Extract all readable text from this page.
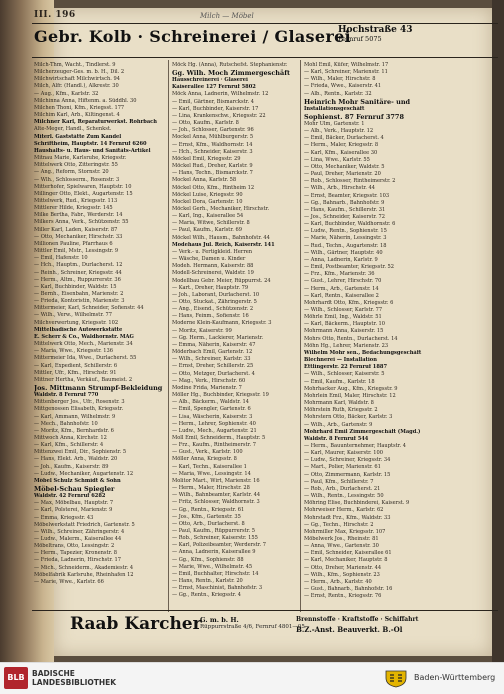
III. 196	Milch — Möbel
Gebr. Kolb · Schreinerei / Glaserei
Hochstraße 43
Fernruf 5075

Milch-Thm, Wacht., Tindlerst. 9

Milcherzeuger-Ges. m. b. H., Dil. 2

Milchwirtschaft Milchwirtsch. 94

Milch, Alfr. (Handl.), Alkrestr. 30

— Aug., Kfm., Karlstr. 32

Milchinna Anna, Hiftenm. a. Süddhl. 30

Milchen Thoni, Kfm., Kriegsst. 177

Milchim Karl, Arb., Kiltingenst. 4

Milchner Karl, Reparaturwerkst. Rohrbach

Alte-Meger, Handl., Schenkst.

Miterl. Gaststätte Zum Kandel

Schriftheim, Hauptstr. 14 Fernruf 6260

Haushalts- u. Haus- und Sanitäts-Artikel

Mitnau Marie, Karlsruhe, Kriegsstr.

Mittelwerk Otto, Zitteringstr. 55

— Ang., Reform, Stornstr. 20

— Wlh., Schlosserm., Rosenstr. 3

Mitterhofer, Spielwaren, Hauptstr. 10

Millinger Otto, Elekt., Augartenstr. 15

Mittelwerk, Rud., Kriegsstr. 113

Mittlerer Hilde, Kriegsstr. 145

Milke Bertha, Fabr., Werderstr. 14

Milkers Anna, Verk., Schützenstr. 55

Miller Karl, Laden, Kaiserstr. 87

— Otto, Mechaniker, Hirschstr. 33

Millionen Pauline, Pfarrhaus 6

Mittler Emil, Mstr., Lessingstr. 9

— Emil, Hafenstr. 10

— Hch., Hauptm., Durlacherst. 12

— Reinh., Schreiner, Kriegsstr. 44

— Herm., Altm., Ruppurrerstr. 36

— Karl, Buchbinder, Waldstr. 15

— Bernh., Eisenbahn, Marienstr. 2

— Frieda, Kontoristin, Marienstr. 3

Mittermeier, Karl, Schneider, Sofienstr. 44

— Wilh., Verw., Wilhelmstr. 77

Milchverwertung, Kriegsstr. 102

Mittelbadische Autowerkstätte

E. Scherr & Co., Waldhornstr. MAG

Mittelwerk Otto, Mech., Marienstr. 34

— Maria, Wwe., Kriegsstr. 136

Mittermeier Ida, Wwe., Durlacherst. 55

— Karl, Expedient, Schillerstr. 6

Mittler, Ufr., Kfm., Hirschstr. 91

Mittner Hertha, Verkäuf., Baumeist. 2

Jos. Mittmann Strumpf-Bekleidung

Waldstr. 8 Fernruf 770

Mittenberger Jos., Ufr., Rosenstr. 3

Mittgenossen Elisabeth, Kriegsstr.

— Karl, Ammann, Wilhelmstr. 9

— Mech., Bahnhofstr. 10

— Moritz, Kfm., Bernhardstr. 6

Mittwoch Anna, Kirchstr. 12

— Karl, Kfm., Schillerstr. 4

Mittenzwei Emil, Dir., Sophienstr. 5

— Hans, Elekt. Arb., Waldstr. 20

— Joh., Kaufm., Kaiserstr. 89

— Ludw., Mechaniker, Augartenstr. 12

Möbel Schulz Schmidt & Sohn

Möbel-Schau Spiegler

Waldstr. 42 Fernruf 6282

— Max, Möbelbau, Hauptstr. 7

— Karl, Polsterei, Marienstr. 9

— Emma, Kriegsstr. 43

Möbelwerkstatt Friedrich, Gartenstr. 5

— Wilh., Schreiner, Zähringerstr. 4

— Ludw., Malerm., Kaiserallee 44

Möbeltrans, Otto, Lessingstr. 2

— Herm., Tapezier, Kronenstr. 8

— Frieda, Ladnerin, Hirschstr. 17

— Mich., Schneiderm., Akademiestr. 4

Möbelfabrik Karlsruhe, Rheinhafen 12

— Marie, Wwe., Karlstr. 66

Möck Hg. (Anna), Rutschefst. Stephanienstr.

Gg. Wilh. Moch Zimmergeschäft

Hausschreinerei · Glaserei

Kaiserallee 127 Fernruf 5802

Möck Anna, Ladnerin, Wilhelmstr. 12

— Emil, Gärtner, Bismarckstr. 4

— Karl, Buchbinder, Kaiserstr. 17

— Lina, Krankenschw., Kriegsstr. 22

— Otto, Kaufm., Karlstr. 8

— Joh., Schlosser, Gartenstr. 96

Mockel Anna, Mühlburgerstr. 5

— Ernst, Kfm., Waldhornstr. 14

— Hch., Schneider, Kaiserstr. 3

Möckel Emil, Kriegsstr. 29

Möckel Rud., Dreher, Karlstr. 9

— Hans, Techn., Bismarckstr. 7

Mockel Anna, Karlstr. 58

Möckel Otto, Kfm., Rintheim 12

Möckel Luise, Kriegsstr. 90

Mockel Dora, Gartenstr. 10

Möckel Gerh., Mechaniker, Hirschstr.

— Karl, Ing., Kaiserallee 54

— Maria, Witwe, Schillerstr. 8

— Paul, Kaufm., Karlstr. 69

Möckel Wilh., Hausm., Bahnhofstr. 44

Modehaus Jul. Reich, Kaiserstr. 141

— Verk.- u. Fertigkleid. Herren

— Wäsche, Damen u. Kinder

Modeh. Hermann, Kaiserstr. 88

Modell-Schreinerei, Waldstr. 19

Modellbau Gebr. Meier, Rüppurrst. 24

— Kart., Dreher, Hauptstr. 79

— Joh., Laborant, Durlacherst. 10

— Otto, Stuckat., Zähringerstr. 5

— Ang., Eisend., Schützenstr. 2

— Hans, Feinm., Sofienstr. 16

Moderne Klein-Kaufmann, Kriegsstr. 3

— Moritz, Kaiserstr. 99

— Gg. Herm., Lackierer, Marienstr.

— Emma, Näherin, Kaiserstr. 47

Möderbach Emil, Gartenstr. 12

— Wilh., Schreiner, Karlstr. 33

— Ernst, Dreher, Schillerstr. 25

— Otto, Metzger, Durlacherst. 4

— Mag., Verk., Hirschstr. 60

Modine Frida, Marienstr. 7

Möller Hg., Buchbinder, Kriegsstr. 19

— Alb., Bäckerm., Waldstr. 14

— Emil, Spengler, Gartenstr. 6

— Lisa, Wäscherin, Kaiserstr. 3

— Herm., Lehrer, Sophienstr. 40

— Ludw., Mech., Augartenstr. 21

Moll Emil, Schneiderm., Hauptstr. 5

— Frz., Kaufm., Rintheimerstr. 7

— Gust., Verk., Karlstr. 100

Möller Anna, Kriegsstr. 8

— Karl, Techn., Kaiserallee 1

— Maria, Wwe., Lessingstr. 14

Molitor Mart., Wirt, Marienstr. 16

— Herm., Maler, Hirschstr. 28

— Wilh., Bahnbeamter, Karlstr. 44

— Fritz, Schlosser, Waldhornstr. 3

— Gg., Rentn., Kriegsstr. 61

— Jos., Kfm., Gartenstr. 35

— Otto, Arb., Durlacherst. 8

— Paul, Kaufm., Rüppurrerstr. 5

— Rob., Schreiner, Kaiserstr. 155

— Karl, Polizeibeamter, Werderstr. 7

— Anna, Ladnerin, Kaiserallee 9

— Gg., Kfm., Sophienstr. 88

— Marie, Wwe., Wilhelmstr. 45

— Emil, Buchhalter, Hirschstr. 14

— Hans, Rentn., Karlstr. 20

— Ernst, Maschinist, Bahnhofstr. 3

— Gg., Rentn., Kriegsstr. 4

Mohl Emil, Küfer, Wilhelmstr. 17

— Karl, Schreiner, Marienstr. 11

— Wilh., Maler, Hirschstr. 8

— Frieda, Wwe., Kaiserstr. 41

— Alb., Rentn., Karlstr. 32

Heinrich Mohr Sanitäre- und

Installationsgeschäft

Sophienst. 87 Fernruf 3778

Mohr Ulm, Gartenstr. 1

— Alb., Verk., Hauptstr. 12

— Emil, Bäcker, Durlacherst. 4

— Herm., Maler, Kriegsstr. 8

— Karl, Kfm., Kaiserallee 30

— Lina, Wwe., Karlstr. 55

— Otto, Mechaniker, Waldstr. 5

— Paul, Dreher, Marienstr. 20

— Rob., Schlosser, Rintheimerstr. 2

— Wilh., Arb., Hirschstr. 44

— Ernst, Beamter, Kriegsstr. 103

— Gg., Bahnarb., Bahnhofstr. 9

— Hans, Kaufm., Schillerstr. 31

— Jos., Schneider, Kaiserstr. 72

— Karl, Buchbinder, Waldhornstr. 6

— Ludw., Rentn., Sophienstr. 15

— Marie, Näherin, Lessingstr. 3

— Rud., Techn., Augartenstr. 18

— Wilh., Gärtner, Hauptstr. 40

— Anna, Ladnerin, Karlstr. 9

— Emil, Postbeamter, Kriegsstr. 52

— Frz., Kfm., Marienstr. 36

— Gust., Lehrer, Hirschstr. 70

— Herm., Arb., Gartenstr. 14

— Karl, Rentn., Kaiserallee 2

Mohrhardt Otto, Kfm., Kriegsstr. 6

— Wilh., Schlosser, Karlstr. 77

Möhrle Emil, Ing., Waldstr. 51

— Karl, Bäckerm., Hauptstr. 10

Mohrmann Anna, Kaiserstr. 15

Mohrs Otto, Rentn., Durlacherst. 14

Möhn Hg., Lehrer, Marienstr. 23

Wilhelm Mohr sen., Bedachungsgeschäft

Blechnerei — Installation

Ettlingerstr. 22 Fernruf 1887

— Wilh., Schlosser, Kaiserstr. 5

— Emil, Kaufm., Karlstr. 18

Mohrhacker Aug., Kfm., Kriegsstr. 9

Mohrlein Emil, Maler, Hirschstr. 12

Mohrmann Karl, Waldstr. 8

Möhrstein Ruth, Kriegsstr. 2

Mohrstern Otto, Bäcker, Karlstr. 3

— Wilh., Arb., Gartenstr. 9

Mohrhard Emil Zimmergeschäft (Magd.)

Waldstr. 8 Fernruf 544

— Herm., Bauunternehmer, Hauptstr. 4

— Karl, Maurer, Kaiserstr. 100

— Ludw., Schreiner, Kriegsstr. 34

— Mart., Polier, Marienstr. 61

— Otto, Zimmermann, Karlstr. 15

— Paul, Kfm., Schillerstr. 7

— Rob., Arb., Durlacherst. 21

— Wilh., Rentn., Lessingstr. 50

Möhring Elise, Buchbinderei, Kaiserst. 9

Mohrweiser Herm., Karlstr. 62

Mohrstadt Frz., Kfm., Waldstr. 33

— Gg., Techn., Hirschstr. 2

Mohrmiller Max, Kriegsstr. 107

Möbelwerk Jos., Rheinstr. 81

— Anna, Wwe., Gartenstr. 30

— Emil, Schneider, Kaiserallee 61

— Karl, Mechaniker, Hauptstr. 8

— Otto, Dreher, Marienstr. 44

— Wilh., Kfm., Sophienstr. 23

— Herm., Arb., Karlstr. 40

— Gust., Bahnarb., Bahnhofstr. 16

— Ernst, Rentn., Kriegsstr. 76

Raab Karcher
G. m. b. H.
Rüppurrstraße 4/6, Fernruf 4801—05
Brennstoffe · Kraftstoffe · Schiffahrt
B.Z.-Anst. Beauverkt. B.-Ol
BLB BADISCHE
LANDESBIBLIOTHEK
Baden-Württemberg
